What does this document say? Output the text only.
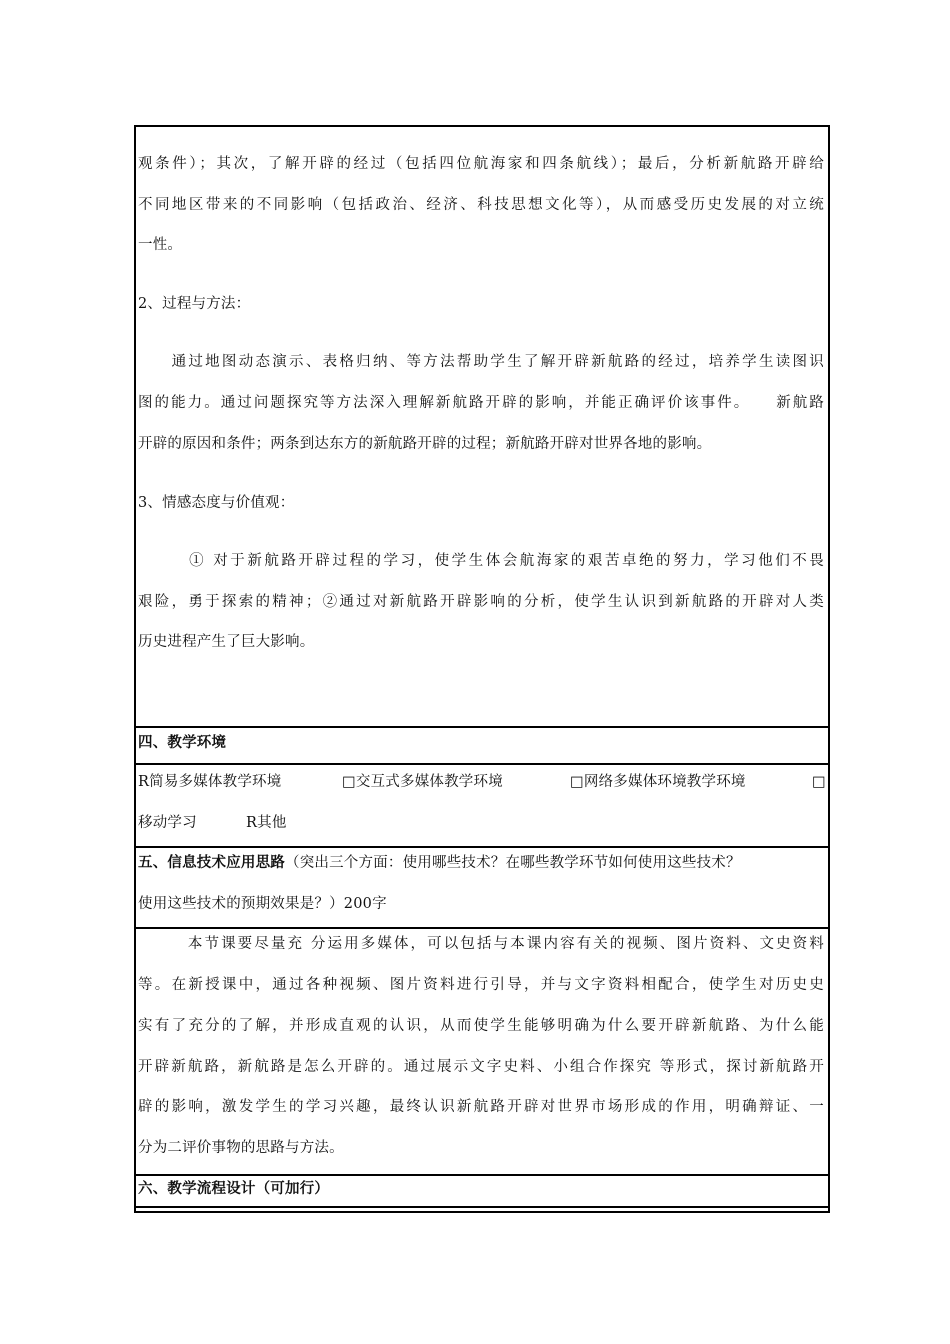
观条件）；其次，了解开辟的经过（包括四位航海家和四条航线）；最后，分析新航路开辟给
不同地区带来的不同影响（包括政治、经济、科技思想文化等），从而感受历史发展的对立统
一性。
2、过程与方法：
　　通过地图动态演示、表格归纳、等方法帮助学生了解开辟新航路的经过，培养学生读图识
图的能力。通过问题探究等方法深入理解新航路开辟的影响，并能正确评价该事件。　　新航路
开辟的原因和条件；两条到达东方的新航路开辟的过程；新航路开辟对世界各地的影响。
3、情感态度与价值观：
　　　① 对于新航路开辟过程的学习，使学生体会航海家的艰苦卓绝的努力，学习他们不畏
艰险，勇于探索的精神；②通过对新航路开辟影响的分析，使学生认识到新航路的开辟对人类
历史进程产生了巨大影响。
四、教学环境
R简易多媒体教学环境	□交互式多媒体教学环境	□网络多媒体环境教学环境	□
移动学习	R其他
五、信息技术应用思路（突出三个方面：使用哪些技术？在哪些教学环节如何使用这些技术？
使用这些技术的预期效果是？）200字
　　　本节课要尽量充 分运用多媒体，可以包括与本课内容有关的视频、图片资料、文史资料
等。在新授课中，通过各种视频、图片资料进行引导，并与文字资料相配合，使学生对历史史
实有了充分的了解，并形成直观的认识，从而使学生能够明确为什么要开辟新航路、为什么能
开辟新航路，新航路是怎么开辟的。通过展示文字史料、小组合作探究 等形式，探讨新航路开
辟的影响，激发学生的学习兴趣，最终认识新航路开辟对世界市场形成的作用，明确辩证、一
分为二评价事物的思路与方法。
六、教学流程设计（可加行）
